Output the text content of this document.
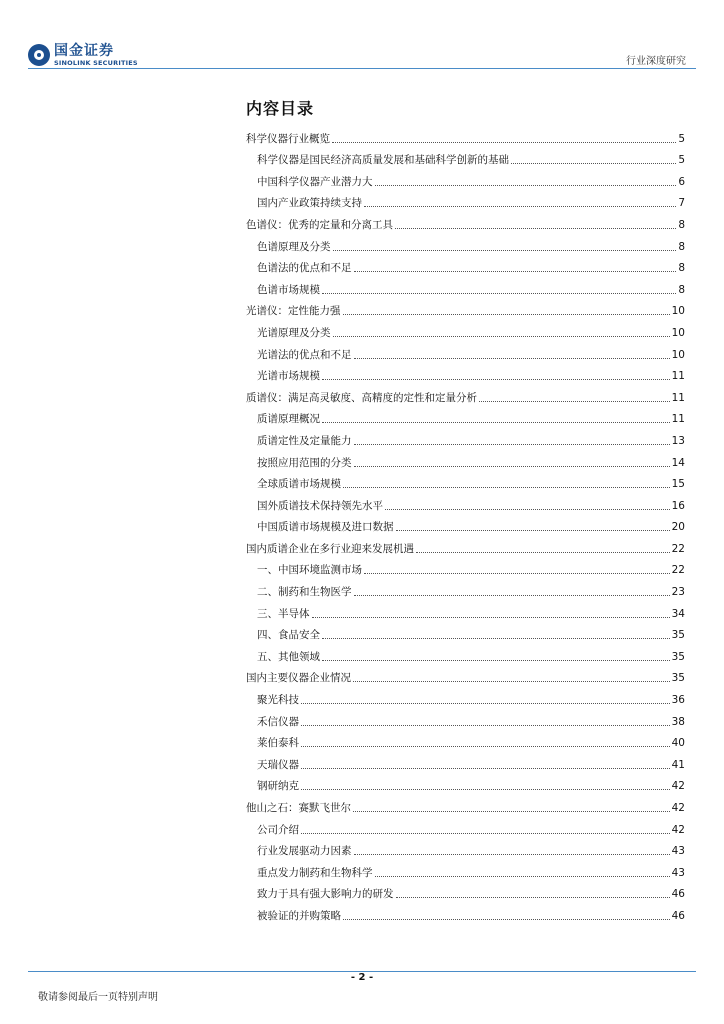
国金证券
SINOLINK SECURITIES	行业深度研究
内容目录
科学仪器行业概览	5
科学仪器是国民经济高质量发展和基础科学创新的基础	5
中国科学仪器产业潜力大	6
国内产业政策持续支持	7
色谱仪：优秀的定量和分离工具	8
色谱原理及分类	8
色谱法的优点和不足	8
色谱市场规模	8
光谱仪：定性能力强	10
光谱原理及分类	10
光谱法的优点和不足	10
光谱市场规模	11
质谱仪：满足高灵敏度、高精度的定性和定量分析	11
质谱原理概况	11
质谱定性及定量能力	13
按照应用范围的分类	14
全球质谱市场规模	15
国外质谱技术保持领先水平	16
中国质谱市场规模及进口数据	20
国内质谱企业在多行业迎来发展机遇	22
一、中国环境监测市场	22
二、制药和生物医学	23
三、半导体	34
四、食品安全	35
五、其他领域	35
国内主要仪器企业情况	35
聚光科技	36
禾信仪器	38
莱伯泰科	40
天瑞仪器	41
钢研纳克	42
他山之石：赛默飞世尔	42
公司介绍	42
行业发展驱动力因素	43
重点发力制药和生物科学	43
致力于具有强大影响力的研发	46
被验证的并购策略	46
- 2 -
敬请参阅最后一页特别声明
